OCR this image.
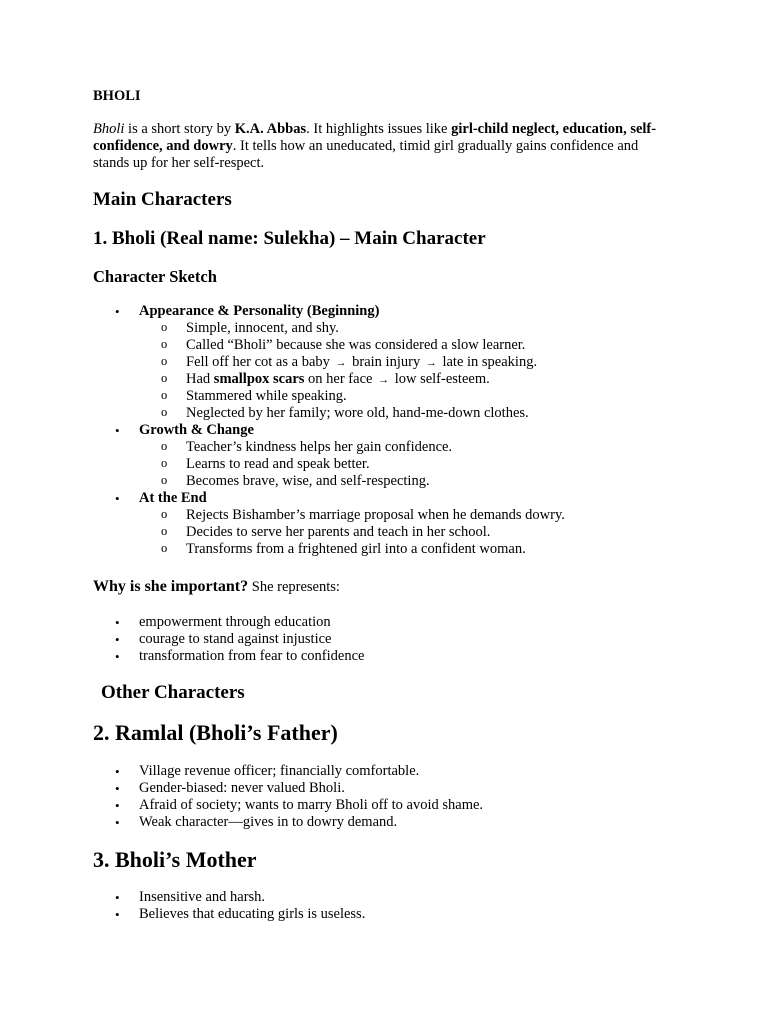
BHOLI
Bholi is a short story by K.A. Abbas. It highlights issues like girl-child neglect, education, self-confidence, and dowry. It tells how an uneducated, timid girl gradually gains confidence and stands up for her self-respect.
Main Characters
1. Bholi (Real name: Sulekha) – Main Character
Character Sketch
• Appearance & Personality (Beginning)
o Simple, innocent, and shy.
o Called “Bholi” because she was considered a slow learner.
o Fell off her cot as a baby → brain injury → late in speaking.
o Had smallpox scars on her face → low self-esteem.
o Stammered while speaking.
o Neglected by her family; wore old, hand-me-down clothes.
• Growth & Change
o Teacher’s kindness helps her gain confidence.
o Learns to read and speak better.
o Becomes brave, wise, and self-respecting.
• At the End
o Rejects Bishamber’s marriage proposal when he demands dowry.
o Decides to serve her parents and teach in her school.
o Transforms from a frightened girl into a confident woman.
Why is she important? She represents:
• empowerment through education
• courage to stand against injustice
• transformation from fear to confidence
Other Characters
2. Ramlal (Bholi’s Father)
• Village revenue officer; financially comfortable.
• Gender-biased: never valued Bholi.
• Afraid of society; wants to marry Bholi off to avoid shame.
• Weak character—gives in to dowry demand.
3. Bholi’s Mother
• Insensitive and harsh.
• Believes that educating girls is useless.
